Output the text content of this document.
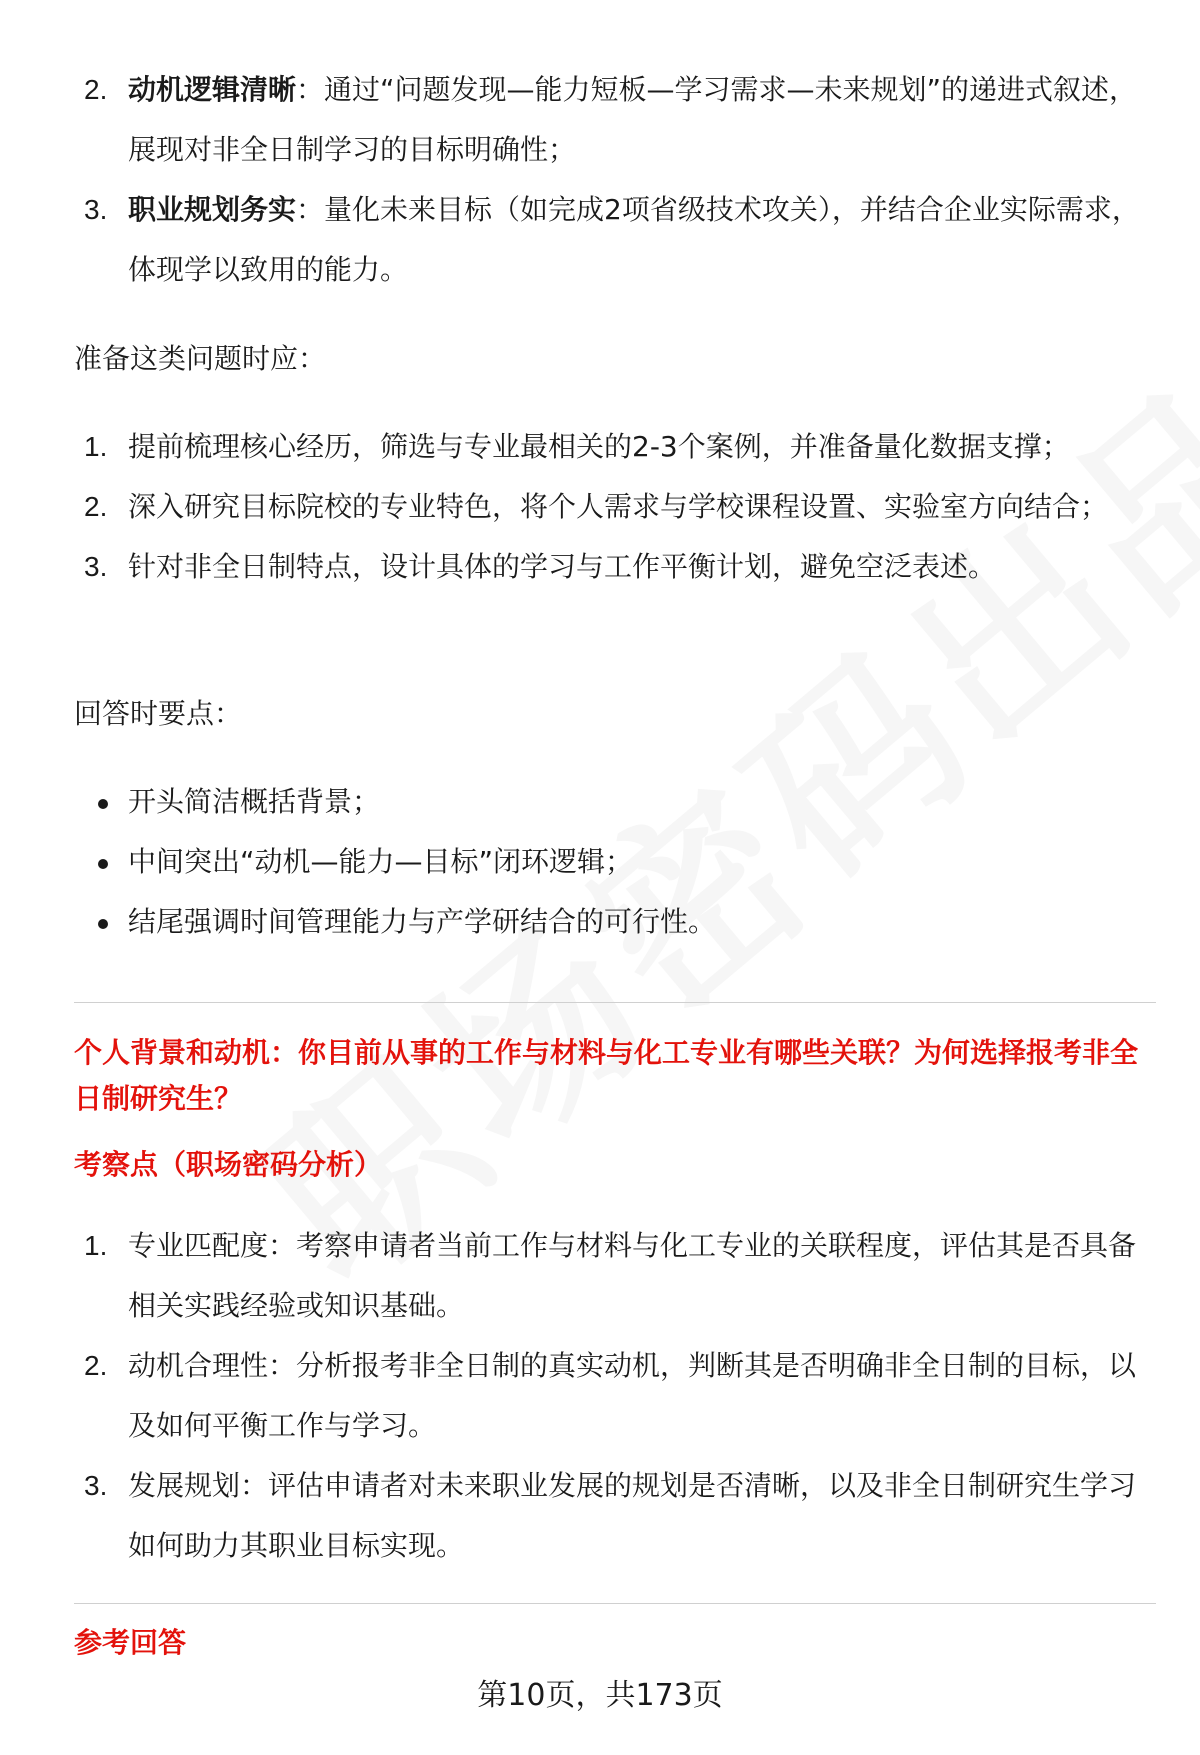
2. 动机逻辑清晰：通过“问题发现—能力短板—学习需求—未来规划”的递进式叙述，展现对非全日制学习的目标明确性；
3. 职业规划务实：量化未来目标（如完成2项省级技术攻关），并结合企业实际需求，体现学以致用的能力。
准备这类问题时应：
1. 提前梳理核心经历，筛选与专业最相关的2-3个案例，并准备量化数据支撑；
2. 深入研究目标院校的专业特色，将个人需求与学校课程设置、实验室方向结合；
3. 针对非全日制特点，设计具体的学习与工作平衡计划，避免空泛表述。
回答时要点：
开头简洁概括背景；
中间突出“动机—能力—目标”闭环逻辑；
结尾强调时间管理能力与产学研结合的可行性。
个人背景和动机：你目前从事的工作与材料与化工专业有哪些关联？为何选择报考非全日制研究生？
考察点（职场密码分析）
1. 专业匹配度：考察申请者当前工作与材料与化工专业的关联程度，评估其是否具备相关实践经验或知识基础。
2. 动机合理性：分析报考非全日制的真实动机，判断其是否明确非全日制的目标，以及如何平衡工作与学习。
3. 发展规划：评估申请者对未来职业发展的规划是否清晰，以及非全日制研究生学习如何助力其职业目标实现。
参考回答
第10页，共173页
